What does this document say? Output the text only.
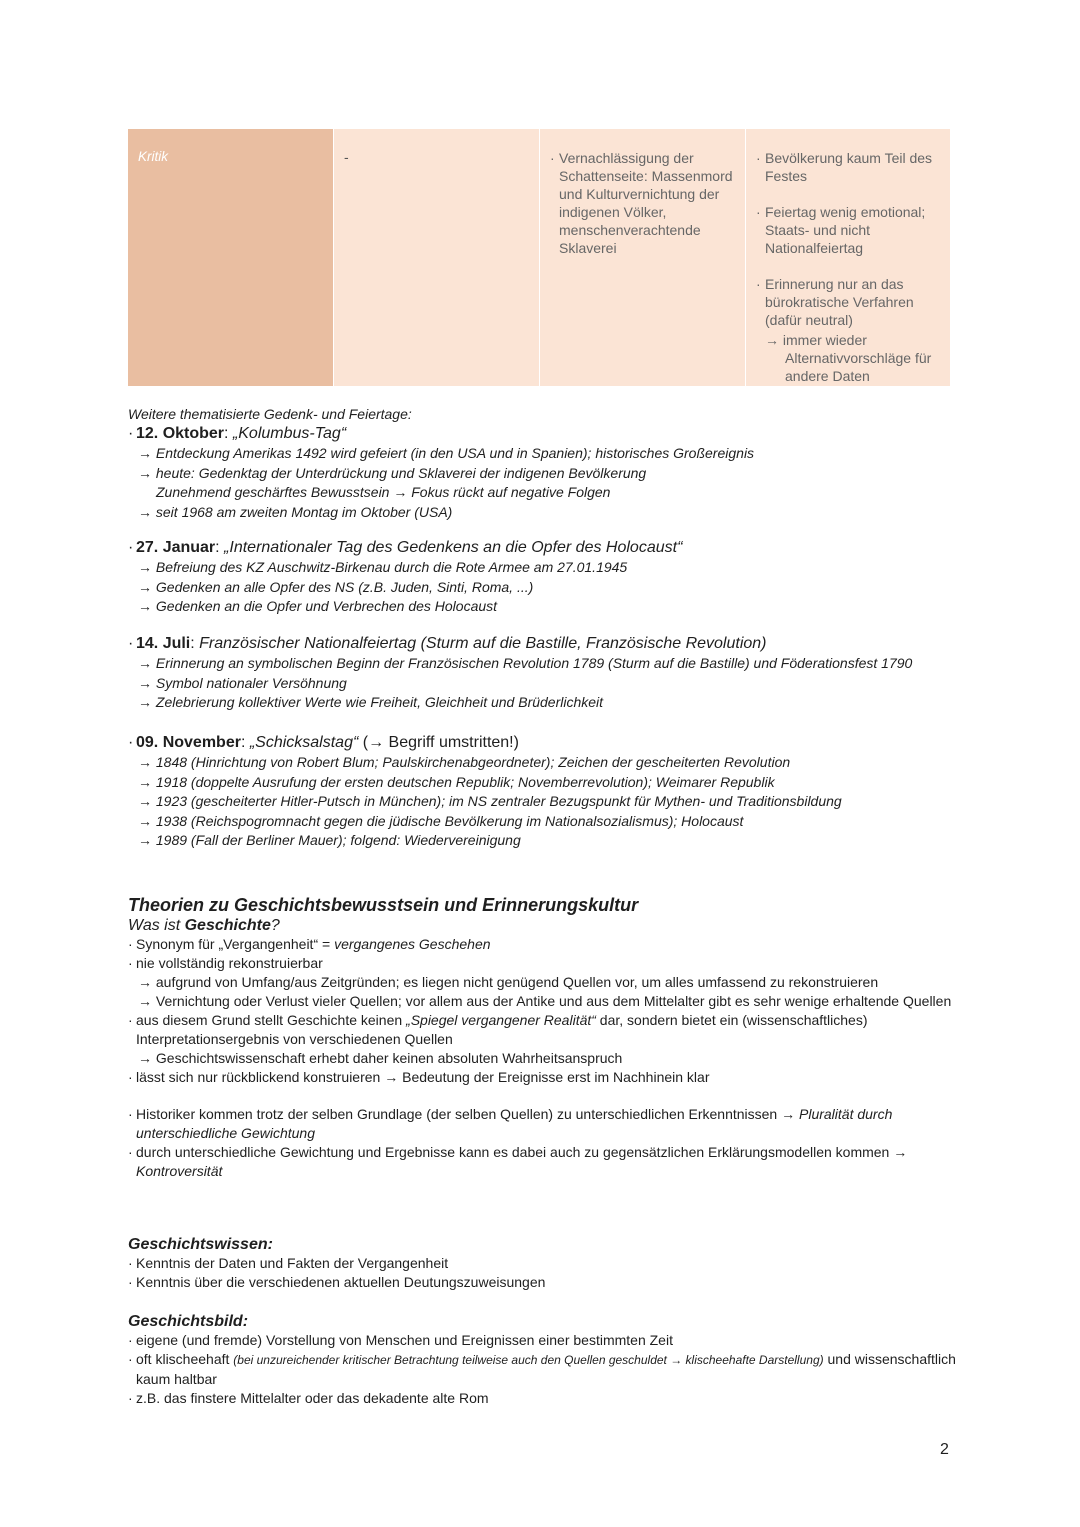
Kritik	-
·	Vernachlässigung der Schattenseite: Massenmord und Kulturvernichtung der indigenen Völker, menschenverachtende Sklaverei
· Bevölkerung kaum Teil des Festes
· Feiertag wenig emotional; Staats- und nicht Nationalfeiertag
· Erinnerung nur an das bürokratische Verfahren (dafür neutral)
→ immer wieder Alternativvorschläge für andere Daten
Weitere thematisierte Gedenk- und Feiertage:
· 12. Oktober: „Kolumbus-Tag“
→ Entdeckung Amerikas 1492 wird gefeiert (in den USA und in Spanien); historisches Großereignis
→ heute: Gedenktag der Unterdrückung und Sklaverei der indigenen Bevölkerung
Zunehmend geschärftes Bewusstsein → Fokus rückt auf negative Folgen
→ seit 1968 am zweiten Montag im Oktober (USA)
· 27. Januar: „Internationaler Tag des Gedenkens an die Opfer des Holocaust“
→ Befreiung des KZ Auschwitz-Birkenau durch die Rote Armee am 27.01.1945
→ Gedenken an alle Opfer des NS (z.B. Juden, Sinti, Roma, ...)
→ Gedenken an die Opfer und Verbrechen des Holocaust
· 14. Juli: Französischer Nationalfeiertag (Sturm auf die Bastille, Französische Revolution)
→ Erinnerung an symbolischen Beginn der Französischen Revolution 1789 (Sturm auf die Bastille) und Föderationsfest 1790
→ Symbol nationaler Versöhnung
→ Zelebrierung kollektiver Werte wie Freiheit, Gleichheit und Brüderlichkeit
· 09. November: „Schicksalstag“ (→ Begriff umstritten!)
→ 1848 (Hinrichtung von Robert Blum; Paulskirchenabgeordneter); Zeichen der gescheiterten Revolution
→ 1918 (doppelte Ausrufung der ersten deutschen Republik; Novemberrevolution); Weimarer Republik
→ 1923 (gescheiterter Hitler-Putsch in München); im NS zentraler Bezugspunkt für Mythen- und Traditionsbildung
→ 1938 (Reichspogromnacht gegen die jüdische Bevölkerung im Nationalsozialismus); Holocaust
→ 1989 (Fall der Berliner Mauer); folgend: Wiedervereinigung
Theorien zu Geschichtsbewusstsein und Erinnerungskultur
Was ist Geschichte?
· Synonym für „Vergangenheit“ = vergangenes Geschehen
· nie vollständig rekonstruierbar
→ aufgrund von Umfang/aus Zeitgründen; es liegen nicht genügend Quellen vor, um alles umfassend zu rekonstruieren
→ Vernichtung oder Verlust vieler Quellen; vor allem aus der Antike und aus dem Mittelalter gibt es sehr wenige erhaltende Quellen
· aus diesem Grund stellt Geschichte keinen „Spiegel vergangener Realität“ dar, sondern bietet ein (wissenschaftliches) Interpretationsergebnis von verschiedenen Quellen
→ Geschichtswissenschaft erhebt daher keinen absoluten Wahrheitsanspruch
· lässt sich nur rückblickend konstruieren → Bedeutung der Ereignisse erst im Nachhinein klar
· Historiker kommen trotz der selben Grundlage (der selben Quellen) zu unterschiedlichen Erkenntnissen → Pluralität durch unterschiedliche Gewichtung
· durch unterschiedliche Gewichtung und Ergebnisse kann es dabei auch zu gegensätzlichen Erklärungsmodellen kommen → Kontroversität
Geschichtswissen:
· Kenntnis der Daten und Fakten der Vergangenheit
· Kenntnis über die verschiedenen aktuellen Deutungszuweisungen
Geschichtsbild:
· eigene (und fremde) Vorstellung von Menschen und Ereignissen einer bestimmten Zeit
· oft klischeehaft (bei unzureichender kritischer Betrachtung teilweise auch den Quellen geschuldet → klischeehafte Darstellung) und wissenschaftlich kaum haltbar
· z.B. das finstere Mittelalter oder das dekadente alte Rom
2
